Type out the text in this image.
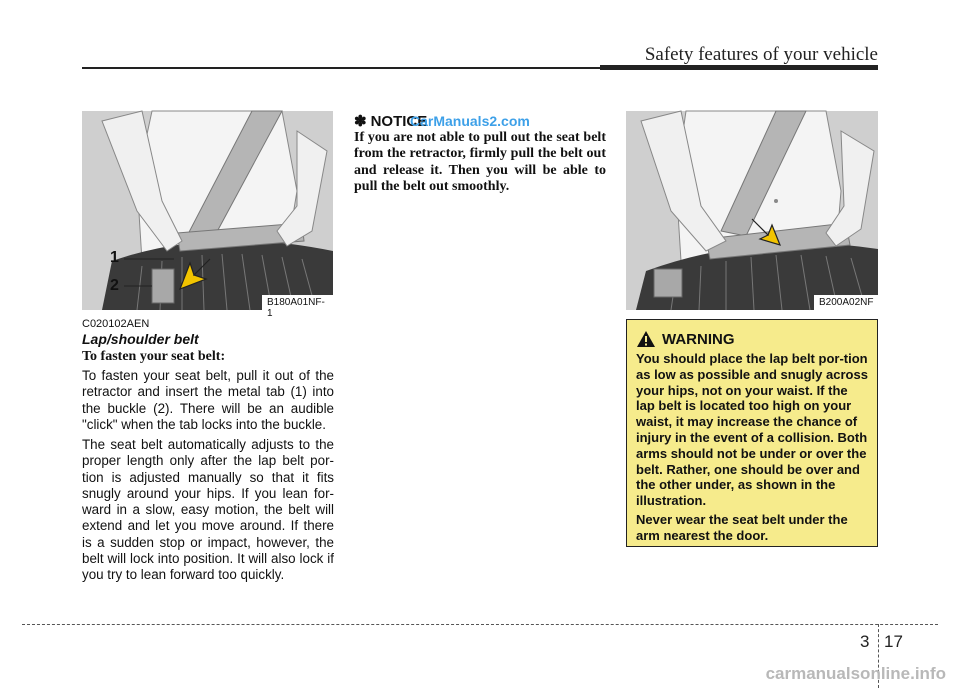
Safety features of your vehicle
1
2
B180A01NF-1
C020102AEN
Lap/shoulder belt
To fasten your seat belt:
To fasten your seat belt, pull it out of the retractor and insert the metal tab (1) into the buckle (2). There will be an audible "click" when the tab locks into the buckle.
The seat belt automatically adjusts to the proper length only after the lap belt por-tion is adjusted manually so that it fits snugly around your hips. If you lean for-ward in a slow, easy motion, the belt will extend and let you move around. If there is a sudden stop or impact, however, the belt will lock into position. It will also lock if you try to lean forward too quickly.
✽ NOTICE
CarManuals2.com
If you are not able to pull out the seat belt from the retractor, firmly pull the belt out and release it. Then you will be able to pull the belt out smoothly.
B200A02NF
WARNING
You should place the lap belt por-tion as low as possible and snugly across your hips, not on your waist. If the lap belt is located too high on your waist, it may increase the chance of injury in the event of a collision. Both arms should not be under or over the belt. Rather, one should be over and the other under, as shown in the illustration.
Never wear the seat belt under the arm nearest the door.
3 17
carmanualsonline.info
